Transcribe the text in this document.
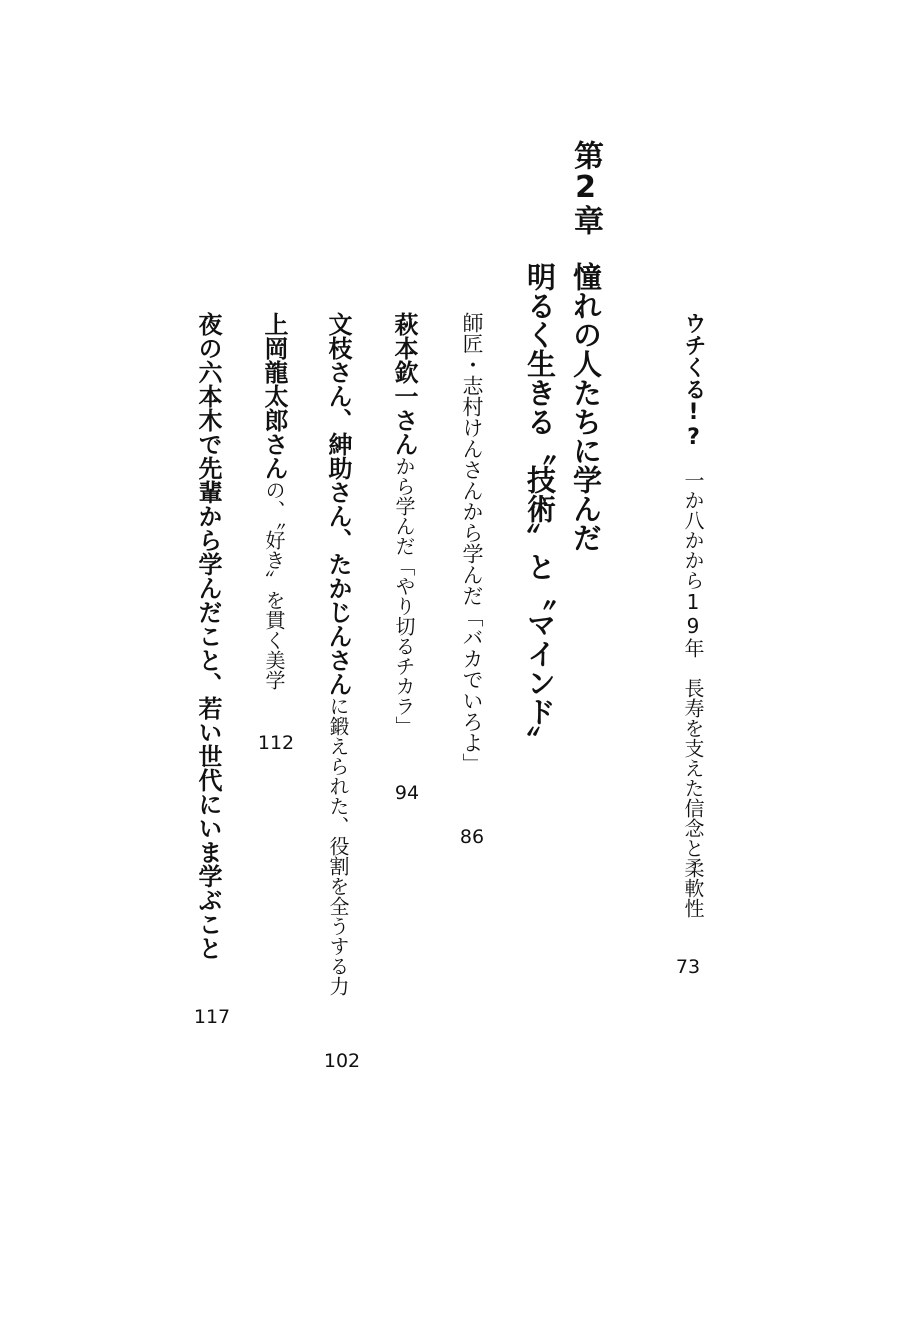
ウチくる!?　一か八かから19年　長寿を支えた信念と柔軟性
73
第2章
憧れの人たちに学んだ
明るく生きる〝技術〟と〝マインド〟
師匠・志村けんさんから学んだ「バカでいろよ」
86
萩本欽一さんから学んだ「やり切るチカラ」
94
文枝さん、紳助さん、たかじんさんに鍛えられた、役割を全うする力
102
上岡龍太郎さんの、〝好き〟を貫く美学
112
夜の六本木で先輩から学んだこと、若い世代にいま学ぶこと
117
